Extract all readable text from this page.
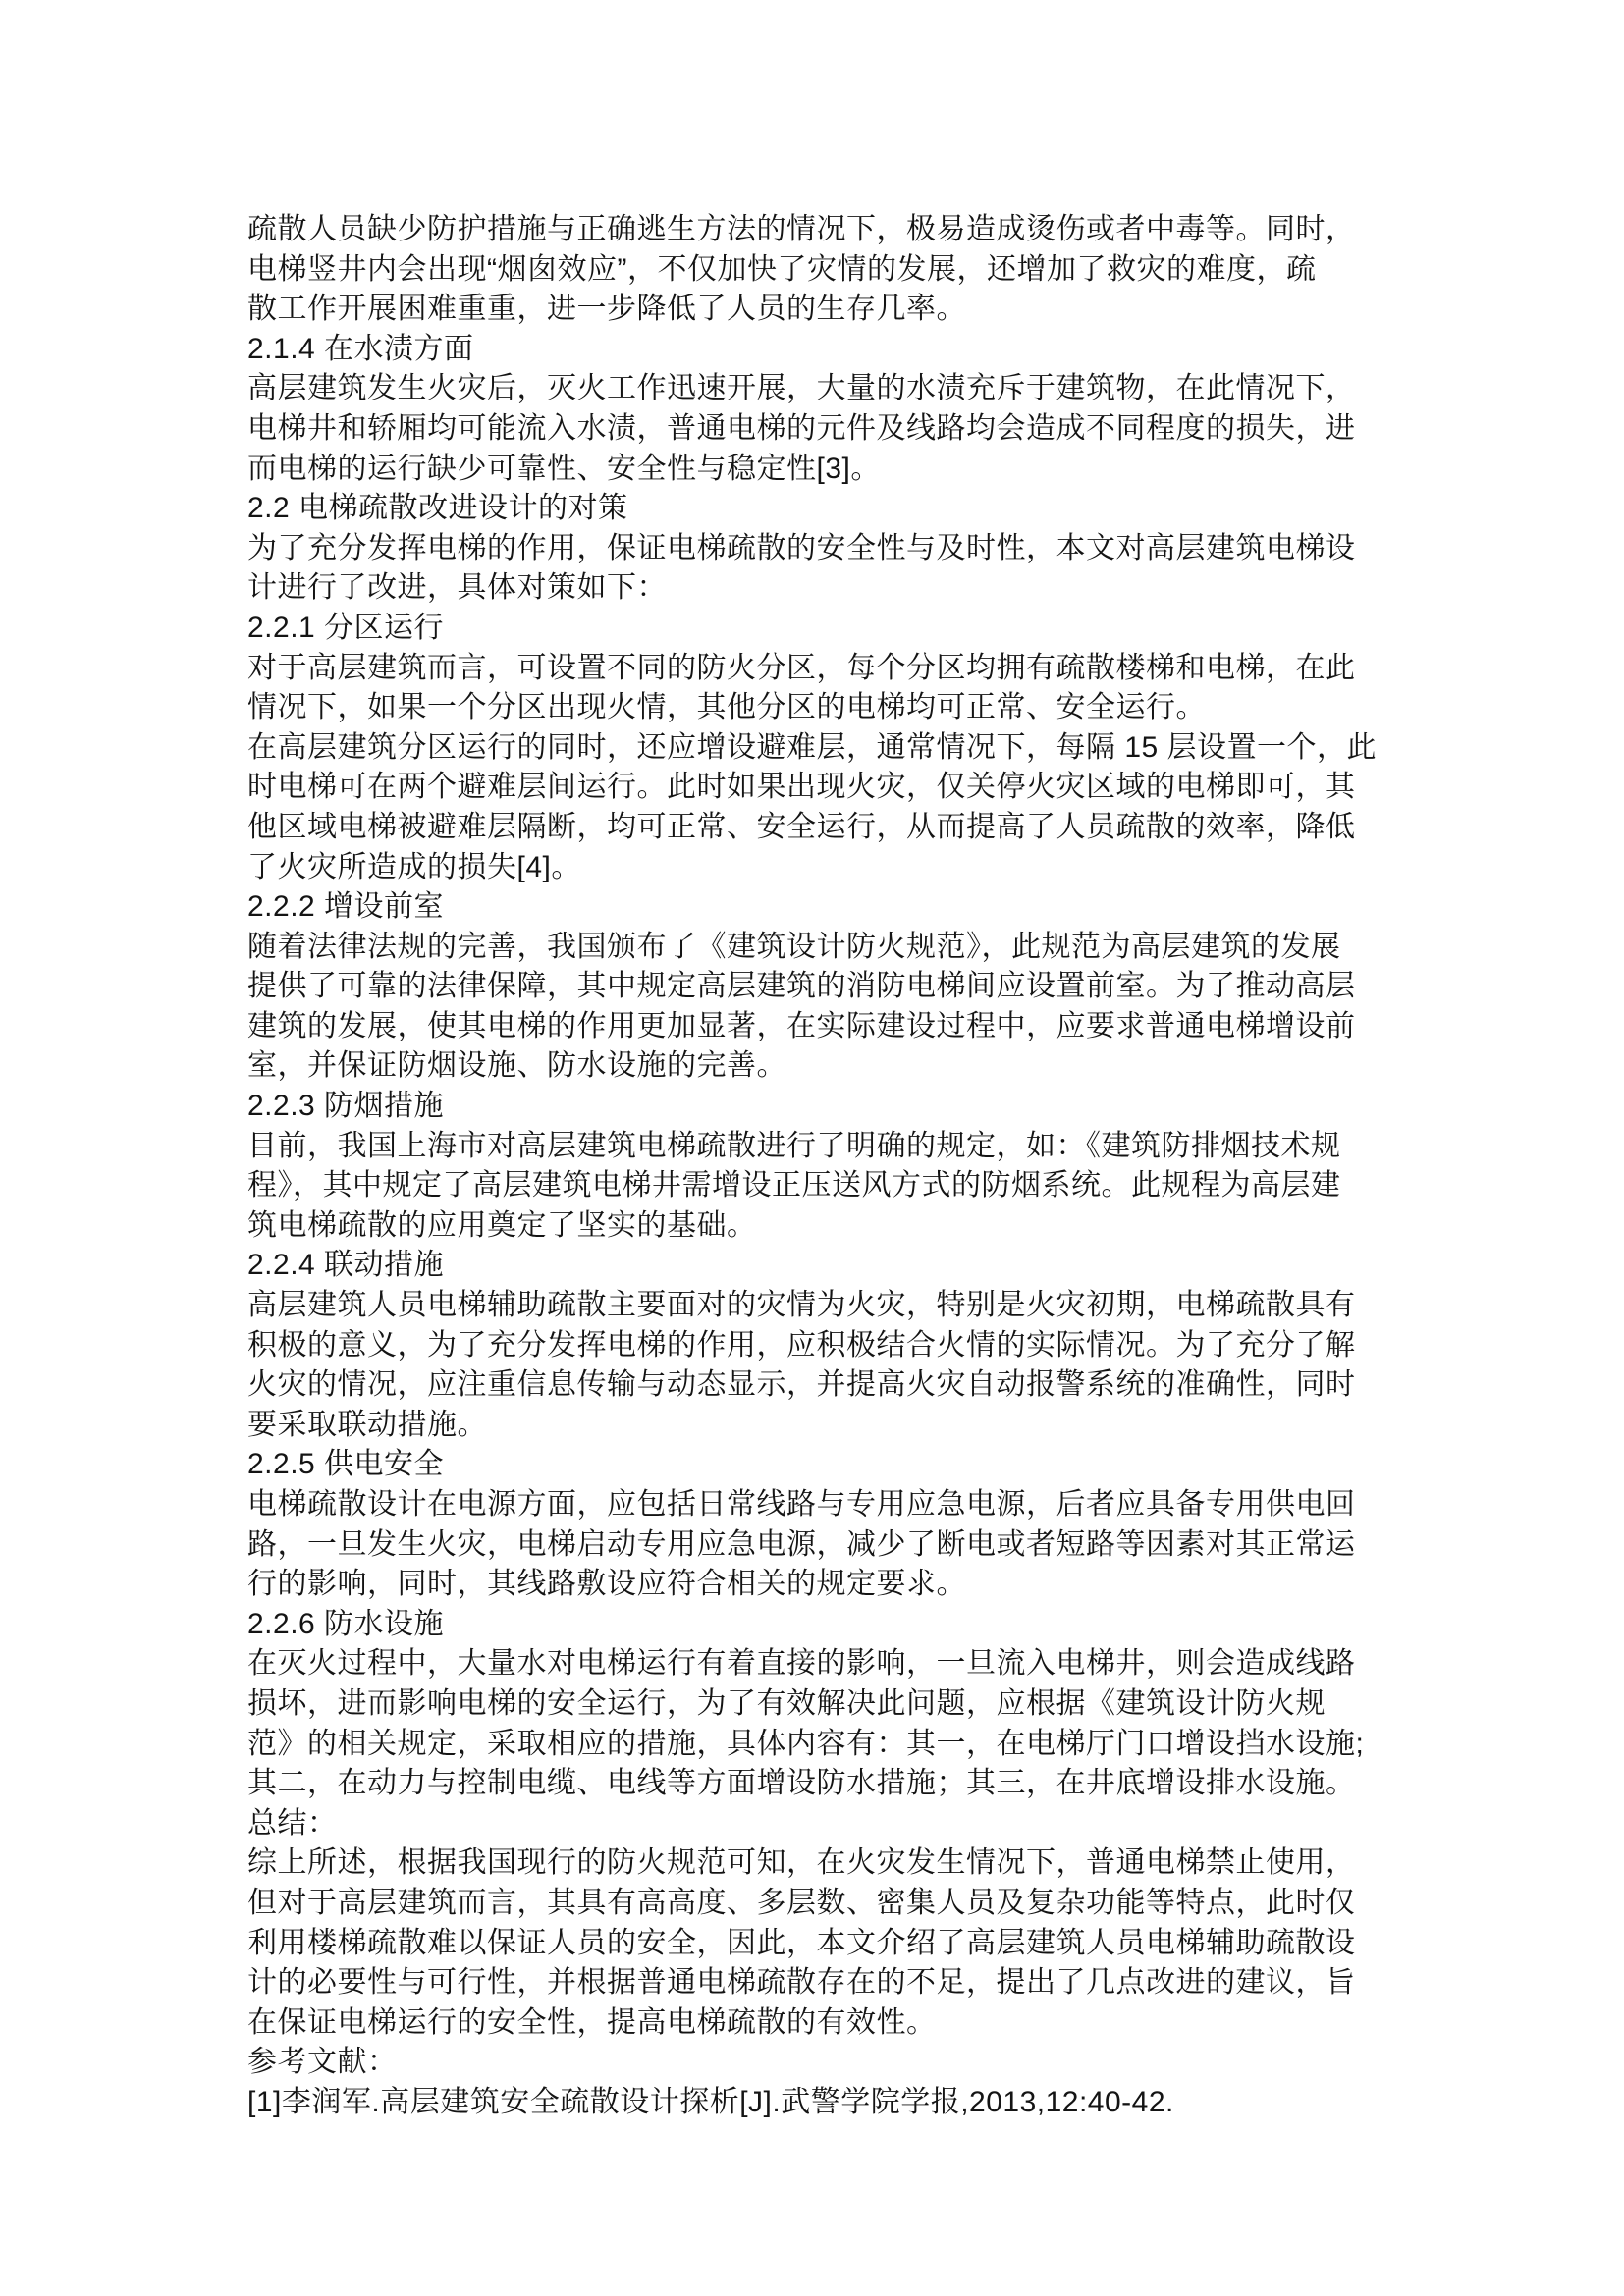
疏散人员缺少防护措施与正确逃生方法的情况下，极易造成烫伤或者中毒等。同时，
电梯竖井内会出现“烟囱效应”，不仅加快了灾情的发展，还增加了救灾的难度，疏
散工作开展困难重重，进一步降低了人员的生存几率。
2.1.4 在水渍方面
高层建筑发生火灾后，灭火工作迅速开展，大量的水渍充斥于建筑物，在此情况下，
电梯井和轿厢均可能流入水渍，普通电梯的元件及线路均会造成不同程度的损失，进
而电梯的运行缺少可靠性、安全性与稳定性[3]。
2.2 电梯疏散改进设计的对策
为了充分发挥电梯的作用，保证电梯疏散的安全性与及时性，本文对高层建筑电梯设
计进行了改进，具体对策如下：
2.2.1 分区运行
对于高层建筑而言，可设置不同的防火分区，每个分区均拥有疏散楼梯和电梯，在此
情况下，如果一个分区出现火情，其他分区的电梯均可正常、安全运行。
在高层建筑分区运行的同时，还应增设避难层，通常情况下，每隔 15 层设置一个，此
时电梯可在两个避难层间运行。此时如果出现火灾，仅关停火灾区域的电梯即可，其
他区域电梯被避难层隔断，均可正常、安全运行，从而提高了人员疏散的效率，降低
了火灾所造成的损失[4]。
2.2.2 增设前室
随着法律法规的完善，我国颁布了《建筑设计防火规范》，此规范为高层建筑的发展
提供了可靠的法律保障，其中规定高层建筑的消防电梯间应设置前室。为了推动高层
建筑的发展，使其电梯的作用更加显著，在实际建设过程中，应要求普通电梯增设前
室，并保证防烟设施、防水设施的完善。
2.2.3 防烟措施
目前，我国上海市对高层建筑电梯疏散进行了明确的规定，如：《建筑防排烟技术规
程》，其中规定了高层建筑电梯井需增设正压送风方式的防烟系统。此规程为高层建
筑电梯疏散的应用奠定了坚实的基础。
2.2.4 联动措施
高层建筑人员电梯辅助疏散主要面对的灾情为火灾，特别是火灾初期，电梯疏散具有
积极的意义，为了充分发挥电梯的作用，应积极结合火情的实际情况。为了充分了解
火灾的情况，应注重信息传输与动态显示，并提高火灾自动报警系统的准确性，同时
要采取联动措施。
2.2.5 供电安全
电梯疏散设计在电源方面，应包括日常线路与专用应急电源，后者应具备专用供电回
路，一旦发生火灾，电梯启动专用应急电源，减少了断电或者短路等因素对其正常运
行的影响，同时，其线路敷设应符合相关的规定要求。
2.2.6 防水设施
在灭火过程中，大量水对电梯运行有着直接的影响，一旦流入电梯井，则会造成线路
损坏，进而影响电梯的安全运行，为了有效解决此问题，应根据《建筑设计防火规
范》的相关规定，采取相应的措施，具体内容有：其一，在电梯厅门口增设挡水设施;
其二，在动力与控制电缆、电线等方面增设防水措施；其三，在井底增设排水设施。
总结：
综上所述，根据我国现行的防火规范可知，在火灾发生情况下，普通电梯禁止使用，
但对于高层建筑而言，其具有高高度、多层数、密集人员及复杂功能等特点，此时仅
利用楼梯疏散难以保证人员的安全，因此，本文介绍了高层建筑人员电梯辅助疏散设
计的必要性与可行性，并根据普通电梯疏散存在的不足，提出了几点改进的建议，旨
在保证电梯运行的安全性，提高电梯疏散的有效性。
参考文献：
[1]李润军.高层建筑安全疏散设计探析[J].武警学院学报,2013,12:40-42.
